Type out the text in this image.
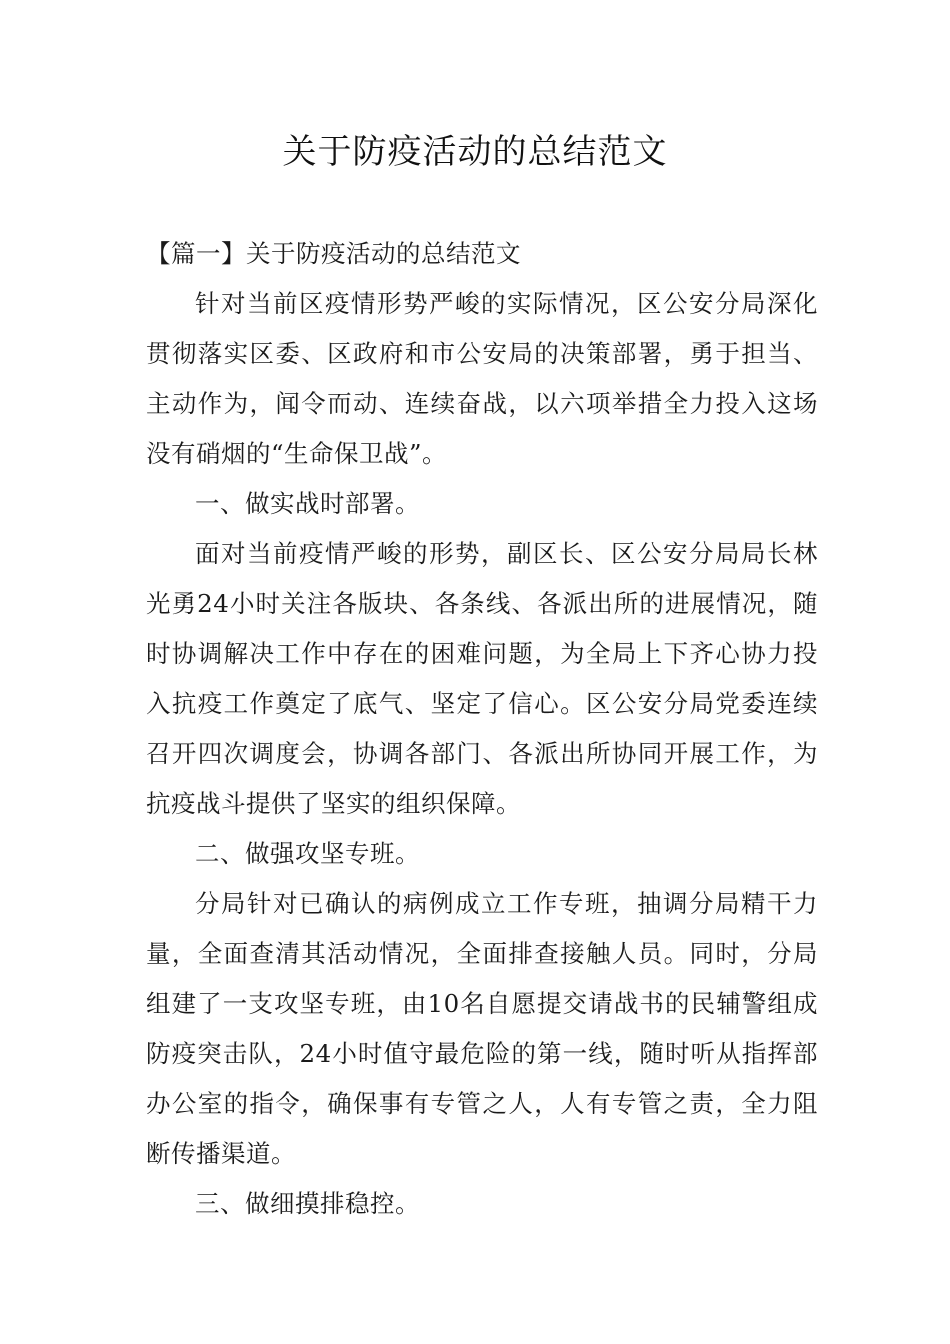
关于防疫活动的总结范文

【篇一】关于防疫活动的总结范文

针对当前区疫情形势严峻的实际情况，区公安分局深化贯彻落实区委、区政府和市公安局的决策部署，勇于担当、主动作为，闻令而动、连续奋战，以六项举措全力投入这场没有硝烟的“生命保卫战”。

一、做实战时部署。

面对当前疫情严峻的形势，副区长、区公安分局局长林光勇24小时关注各版块、各条线、各派出所的进展情况，随时协调解决工作中存在的困难问题，为全局上下齐心协力投入抗疫工作奠定了底气、坚定了信心。区公安分局党委连续召开四次调度会，协调各部门、各派出所协同开展工作，为抗疫战斗提供了坚实的组织保障。

二、做强攻坚专班。

分局针对已确认的病例成立工作专班，抽调分局精干力量，全面查清其活动情况，全面排查接触人员。同时，分局组建了一支攻坚专班，由10名自愿提交请战书的民辅警组成防疫突击队，24小时值守最危险的第一线，随时听从指挥部办公室的指令，确保事有专管之人，人有专管之责，全力阻断传播渠道。

三、做细摸排稳控。
